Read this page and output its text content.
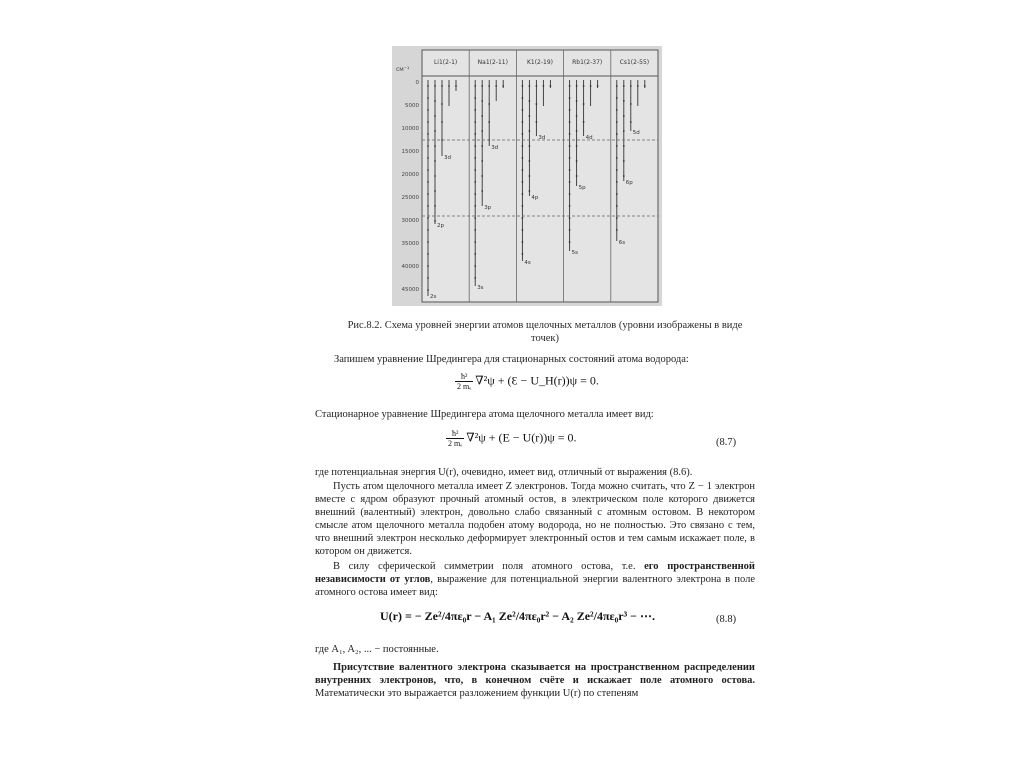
Li1(2-1)	Na1(2-11)	K1(2-19)	Rb1(2-37)	Cs1(2-55)
0
5000
10000
15000
20000
25000
30000
35000
40000
45000
2s
2p
3d
3s
3p
3d
4s
4p
3d
5s
5p
4d
6s
6p
5d
см⁻¹
Рис.8.2. Схема уровней энергии атомов щелочных металлов (уровни изображены в виде точек)
Запишем уравнение Шредингера для стационарных состояний атома водорода:
$\frac{\text{ħ²}}{\text{2 mₑ}} \nabla^2\psi$ + (Ɛ − U_H(r))ψ = 0.
Стационарное уравнение Шредингера атома щелочного металла имеет вид:
$\frac{\text{ħ²}}{\text{2 mₑ}} \nabla^2\psi + (E - U(r))\psi = 0$.	(8.7)
где потенциальная энергия U(r), очевидно, имеет вид, отличный от выражения (8.6).
Пусть атом щелочного металла имеет Z электронов. Тогда можно считать, что Z − 1 электрон вместе с ядром образуют прочный атомный остов, в электрическом поле которого движется внешний (валентный) электрон, довольно слабо связанный с атомным остовом. В некотором смысле атом щелочного металла подобен атому водорода, но не полностью. Это связано с тем, что внешний электрон несколько деформирует электронный остов и тем самым искажает поле, в котором он движется.
В силу сферической симметрии поля атомного остова, т.е. его пространственной независимости от углов, выражение для потенциальной энергии валентного электрона в поле атомного остова имеет вид:
U(r) = − Ze²/4πε₀r − A₁ Ze²/4πε₀r² − A₂ Ze²/4πε₀r³ − ⋯.	(8.8)
где A₁, A₂, ... − постоянные.
Присутствие валентного электрона сказывается на пространственном распределении внутренних электронов, что, в конечном счёте и искажает поле атомного остова. Математически это выражается разложением функции U(r) по степеням
